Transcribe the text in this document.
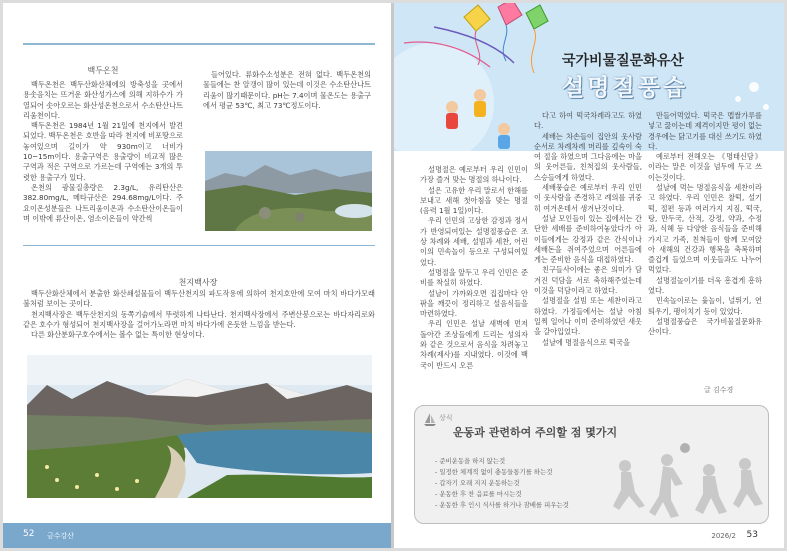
백두온천

백두온천은 백두산화산체에의 방축성을 곳에서 용솟음치는 뜨거운 화산성가스에 의해 지하수가 가열되어 솟아오르는 화산성온천으로서 수소탄산나트리움천이다.

백두온천은 1984년 1월 21일에 천지에서 발견되었다. 백두온천은 호반을 따라 천지에 비포땅으로 놓여있으며 길이가 약 930m이고 너비가 10~15m이다. 용출구역은 용출량이 비교적 많은 구역과 적은 구역으로 가르는데 구역에는 3개의 투렷한 용출구가 있다.

온천의 광물질총량은 2.3g/L, 유리탄산은 382.80mg/L, 메타규산은 294.68mg/L이다. 주요이온성분들은 나트리움이온과 수소탄산이온들이며 이밖에 류산이온, 염소이온들이 약간씩

들어있다. 류화수소성분은 전혀 없다. 백두온천의 물들에는 찬 알갱이 많이 있는데 이것은 수소탄산나트리움이 많기때문이다. pH는 7.4이며 물온도는 용출구에서 평균 53℃, 최고 73℃정도이다.

천지백사장

백두산화산체에서 분출한 화산쇄설물들이 백두산천지의 파도작용에 의하여 천지호안에 모여 마치 바다가모래불처럼 보이는 곳이다.

천지백사장은 백두산천지의 동쪽기슭에서 뚜렷하게 나타난다. 천지백사장에서 주변산봉으로는 바다자리로와 같은 호수가 형성되어 천지백사장을 걸어가노라면 마치 바다가에 온듯한 느낌을 받는다.

다른 화산분화구호수에서는 볼수 없는 특이한 현상이다.

52 금수강산
국가비물질문화유산
설명절풍습

설명절은 예로부터 우리 인민이 가장 즐겨 맞는 명절의 하나이다.

설은 고유한 우리 말로서 한해를 보내고 새해 첫아침을 맞는 명절(음력 1월 1일)이다.

우리 인민의 고상한 감정과 정서가 반영되여있는 설명절풍습은 조상 차례와 세배, 설빔과 세찬, 어린이의 민속놀이 등으로 구성되여있었다.

설명절을 앞두고 우리 인민은 준비를 착실히 하였다.

설날이 가까와오면 집집마다 안팎을 깨끗이 정리하고 설음식들을 마련하였다.

우리 인민은 설날 새벽에 먼저 돌아간 조상들에게 드리는 성의자와 같은 것으로서 음식을 차려놓고 차례(제사)를 지내였다. 이것에 백국이 반드시 오른

다고 하여 떡국차례라고도 하였다.

세배는 차손들이 집안의 웃사람순서로 차례차례 머리를 깊숙이 숙여 절을 하였으며 그다음에는 마을의 웃어른들, 친척집의 웃사람들, 스승들에게 하였다.

세배풍습은 예로부터 우리 인민이 웃사람을 존경하고 례의를 귀중히 여겨온데서 생겨난것이다.

설날 모인들이 있는 집에서는 간단한 세배를 준비하여놓았다가 아이들에게는 강정과 같은 간식이나 세배돈을 쥐여주었으며 어른들에게는 준비한 음식을 대접하였다.

친구들사이에는 좋은 의미가 담겨진 덕담을 서로 축하해주었는데 이것을 덕담이라고 하였다.

설명절을 설빔 또는 세찬이라고 하였다. 가정들에서는 설날 아침 일찍 일어나 이미 준비하였던 새옷을 갈아입었다.

설날에 명절음식으로 떡국을

만들어먹었다. 떡국은 멥쌀가루를 넣고 끓이는데 제격이지만 평이 없는 경우에는 닭고기를 대신 쓰기도 하였다.

예로부터 전해오는 《명태신담》이라는 말은 이것을 넘두에 두고 쓰이는것이다.

설날에 먹는 명절음식을 세찬이라고 하였다. 우리 인민은 찰떡, 설기떡, 절편 등과 여러가지 지짐, 떡국, 탕, 만두국, 산적, 강정, 약과, 수정과, 식혜 등 다양한 음식들을 준비해가지고 가족, 친척들이 함께 모여앉아 새해의 건강과 행복을 축복하며 즐겁게 들었으며 이웃들과도 나누어먹었다.

설명절놀이기를 더욱 흥겹게 흥하였다.

민속놀이로는 윷놀이, 널뛰기, 연띄우기, 팽이치기 등이 있었다.

설명절풍습은 국가비물질문화유산이다.

글 김수경
상식
운동과 관련하여 주의할 점 몇가지
- 준비운동을 하지 않는것
- 일정한 체계적 없이 충동들통기를 하는것
- 갑자기 오래 지지 운동하는것
- 운동한 후 찬 음료를 마시는것
- 운동한 후 인시 식사를 하거나 잠배를 피우는것
2026/2 53
